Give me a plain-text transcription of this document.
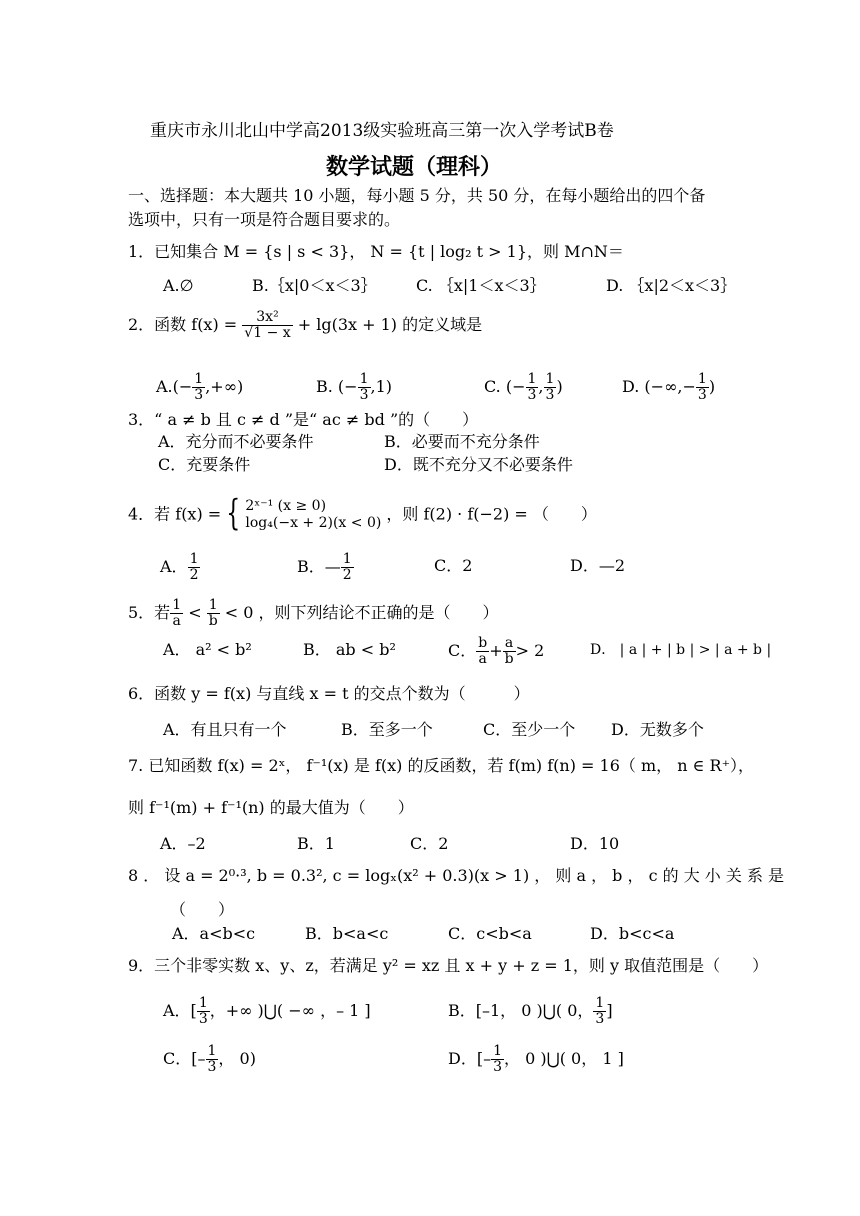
重庆市永川北山中学高2013级实验班高三第一次入学考试B卷
数学试题（理科）
一、选择题：本大题共 10 小题，每小题 5 分，共 50 分，在每小题给出的四个备
选项中，只有一项是符合题目要求的。
1．已知集合 M = {s | s < 3}， N = {t | log₂ t > 1}，则 M∩N＝
A.∅	B.｛x|0＜x＜3｝ C. ｛x|1＜x＜3｝	D. ｛x|2＜x＜3｝
2．函数 $f(x) = \frac{\text{3x²}}{√1 - x} + \lg(3x + 1)$ 的定义域是
$A.(- \frac{1}{3}$ ,+∞)	B. (− $\frac{1}{3} ,1$)	C. (− $\frac{1}{3}$ , $\frac{1}{3}$ )	D. (−∞,− $\frac{1}{3}$ )
3．“ a ≠ b 且 c ≠ d ”是“ ac ≠ bd ”的（　　）
A．充分而不必要条件	B．必要而不充分条件
C．充要条件	D．既不充分又不必要条件
4．若 f(x) = { 2ˣ⁻¹ (x ≥ 0)
log₄(−x + 2)(x < 0) ，则 f(2) · f(−2) = （　　）
A． $\frac{1}{2}$	B．— $\frac{1}{2}$	C．2	D．—2
5．若 $\frac{1}{a} < \frac{1}{b} < 0$ ，则下列结论不正确的是（　　）
A． a² < b²	B． ab < b²	C． $\frac{b}{a} + \frac{a}{b} > 2$	D． | a | + | b | > | a + b |
6．函数 y = f(x) 与直线 x = t 的交点个数为（　　　）
A．有且只有一个	B．至多一个	C．至少一个 D．无数多个
7. 已知函数 f(x) = 2ˣ， f⁻¹(x) 是 f(x) 的反函数，若 f(m) f(n) = 16（ m， n ∈ R⁺），
则 f⁻¹(m) + f⁻¹(n) 的最大值为（　　）
A．–2	B．1	C．2	D．10
8 ． 设 a = 2⁰·³, b = 0.3², c = logₓ(x² + 0.3)(x > 1) ， 则 a ， b ， c 的 大 小 关 系 是
（　　）
A．a<b<c	B．b<a<c	C．c<b<a	D．b<c<a
9．三个非零实数 x、y、z，若满足 y² = xz 且 x + y + z = 1，则 y 取值范围是（　　）
A．[ $\frac{1}{3}$ ，+∞ )⋃( −∞ ，– 1 ]	B．[–1， 0 )⋃( 0， $\frac{1}{3}$ ]
C．[– $\frac{1}{3}$ ， 0)	D．[– $\frac{1}{3}$ ， 0 )⋃( 0， 1 ]
